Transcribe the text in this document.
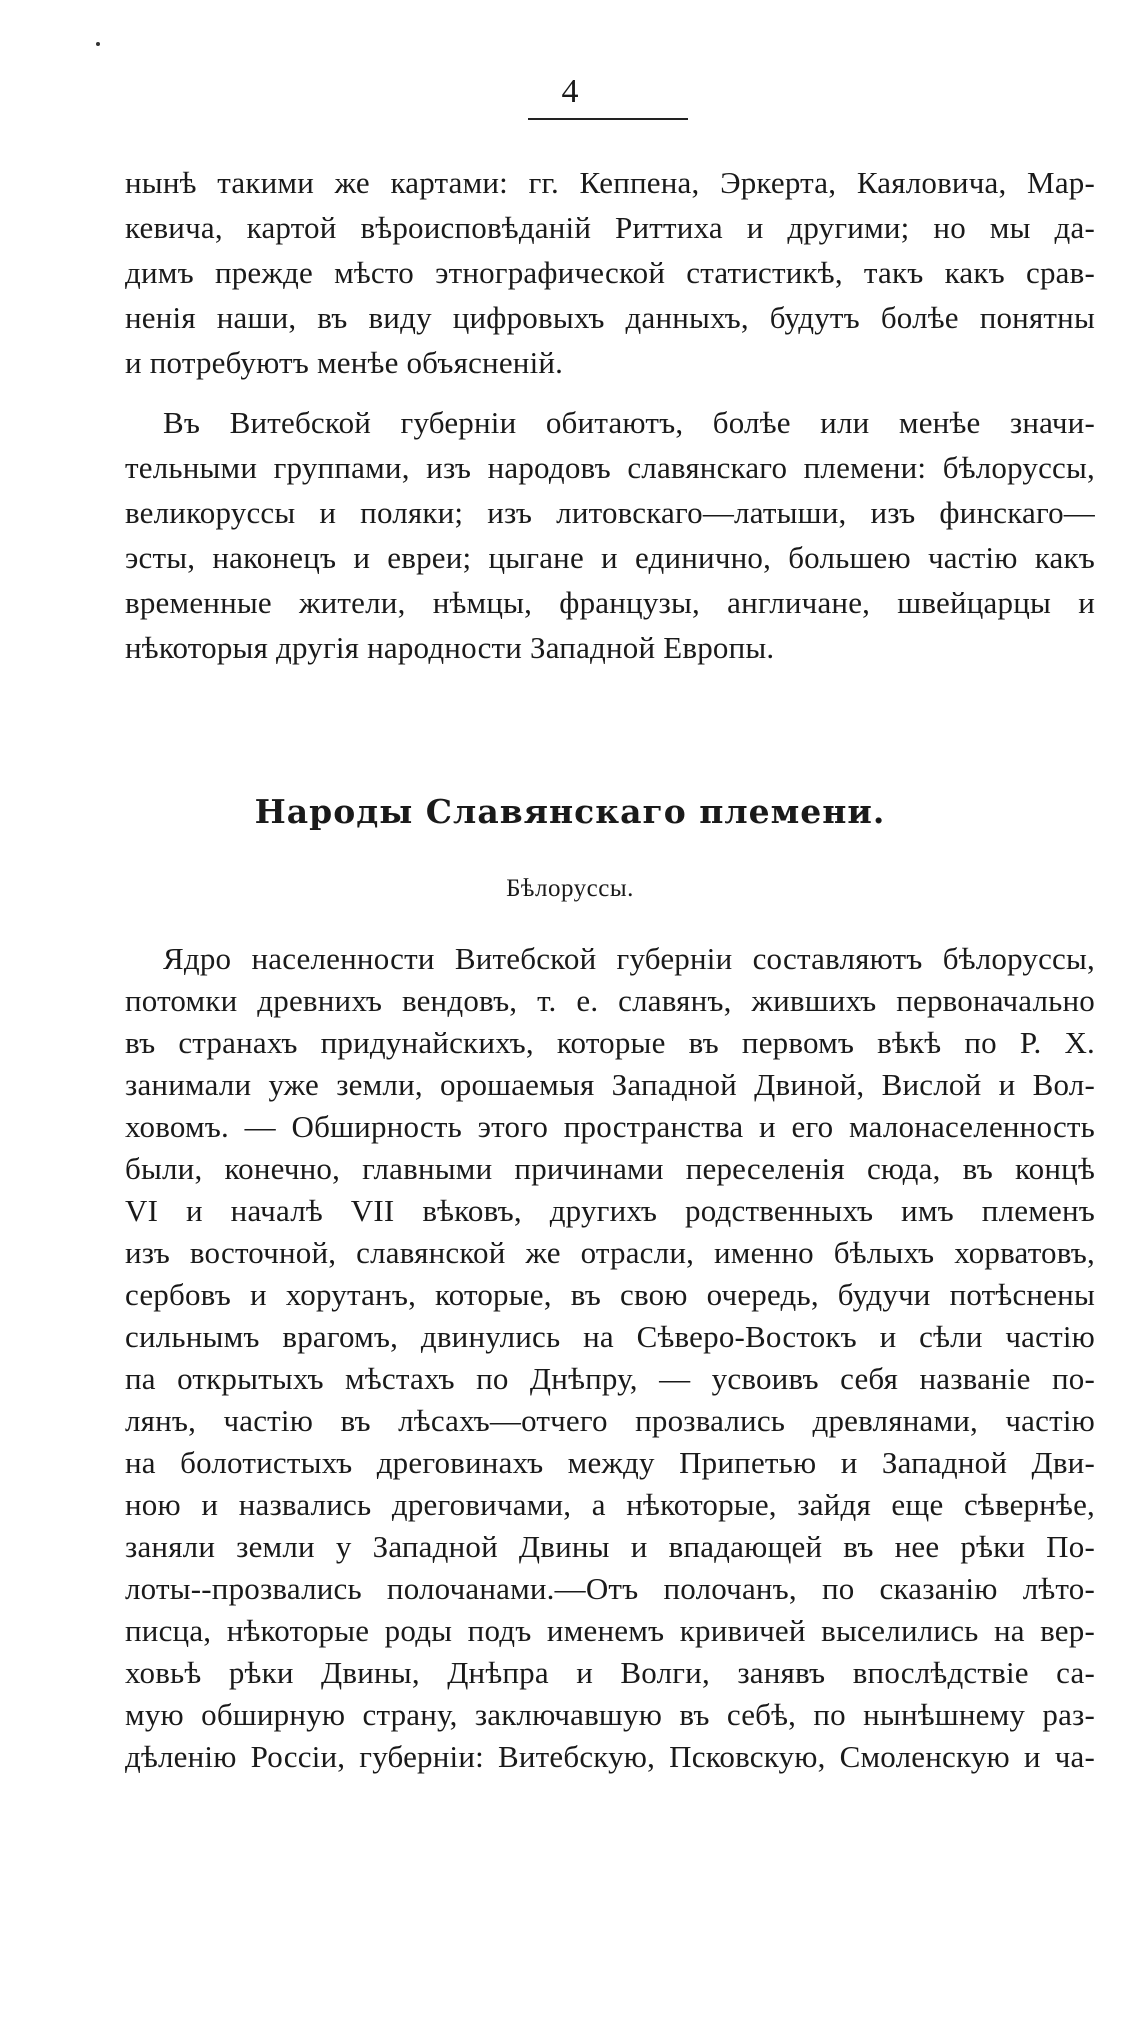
4
нынѣ такими же картами: гг. Кеппена, Эркерта, Каяловича, Мар-
кевича, картой вѣроисповѣданій Риттиха и другими; но мы да-
димъ прежде мѣсто этнографической статистикѣ, такъ какъ срав-
ненія наши, въ виду цифровыхъ данныхъ, будутъ болѣе понятны
и потребуютъ менѣе объясненій.
Въ Витебской губерніи обитаютъ, болѣе или менѣе значи-
тельными группами, изъ народовъ славянскаго племени: бѣлоруссы,
великоруссы и поляки; изъ литовскаго—латыши, изъ финскаго—
эсты, наконецъ и евреи; цыгане и единично, большею частію какъ
временные жители, нѣмцы, французы, англичане, швейцарцы и
нѣкоторыя другія народности Западной Европы.
Народы Славянскаго племени.
Бѣлоруссы.
Ядро населенности Витебской губерніи составляютъ бѣлоруссы,
потомки древнихъ вендовъ, т. е. славянъ, жившихъ первоначально
въ странахъ придунайскихъ, которые въ первомъ вѣкѣ по Р. Х.
занимали уже земли, орошаемыя Западной Двиной, Вислой и Вол-
ховомъ. — Обширность этого пространства и его малонаселенность
были, конечно, главными причинами переселенія сюда, въ концѣ
VI и началѣ VII вѣковъ, другихъ родственныхъ имъ племенъ
изъ восточной, славянской же отрасли, именно бѣлыхъ хорватовъ,
сербовъ и хорутанъ, которые, въ свою очередь, будучи потѣснены
сильнымъ врагомъ, двинулись на Сѣверо-Востокъ и сѣли частію
па открытыхъ мѣстахъ по Днѣпру, — усвоивъ себя названіе по-
лянъ, частію въ лѣсахъ—отчего прозвались древлянами, частію
на болотистыхъ дреговинахъ между Припетью и Западной Дви-
ною и назвались дреговичами, а нѣкоторые, зайдя еще сѣвернѣе,
заняли земли у Западной Двины и впадающей въ нее рѣки По-
лоты--прозвались полочанами.—Отъ полочанъ, по сказанію лѣто-
писца, нѣкоторые роды подъ именемъ кривичей выселились на вер-
ховьѣ рѣки Двины, Днѣпра и Волги, занявъ впослѣдствіе са-
мую обширную страну, заключавшую въ себѣ, по нынѣшнему раз-
дѣленію Россіи, губерніи: Витебскую, Псковскую, Смоленскую и ча-
